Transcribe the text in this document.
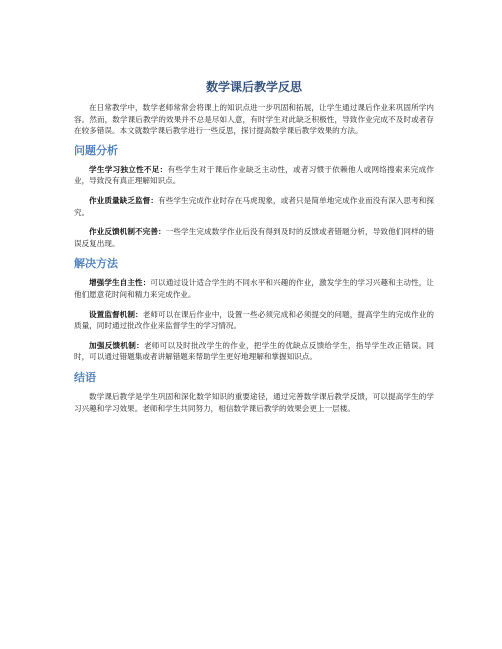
数学课后教学反思

在日常教学中，数学老师常常会将课上的知识点进一步巩固和拓展，让学生通过课后作业来巩固所学内容。然而，数学课后教学的效果并不总是尽如人意，有时学生对此缺乏积极性，导致作业完成不及时或者存在较多错误。本文就数学课后教学进行一些反思，探讨提高数学课后教学效果的方法。

问题分析

学生学习独立性不足：有些学生对于课后作业缺乏主动性，或者习惯于依赖他人或网络搜索来完成作业，导致没有真正理解知识点。

作业质量缺乏监督：有些学生完成作业时存在马虎现象，或者只是简单地完成作业而没有深入思考和探究。

作业反馈机制不完善：一些学生完成数学作业后没有得到及时的反馈或者错题分析，导致他们同样的错误反复出现。

解决方法

增强学生自主性：可以通过设计适合学生的不同水平和兴趣的作业，激发学生的学习兴趣和主动性，让他们愿意花时间和精力来完成作业。

设置监督机制：老师可以在课后作业中，设置一些必须完成和必须提交的问题，提高学生的完成作业的质量，同时通过批改作业来监督学生的学习情况。

加强反馈机制：老师可以及时批改学生的作业，把学生的优缺点反馈给学生，指导学生改正错误。同时，可以通过错题集或者讲解错题来帮助学生更好地理解和掌握知识点。

结语

数学课后教学是学生巩固和深化数学知识的重要途径，通过完善数学课后教学反馈，可以提高学生的学习兴趣和学习效果。老师和学生共同努力，相信数学课后教学的效果会更上一层楼。
